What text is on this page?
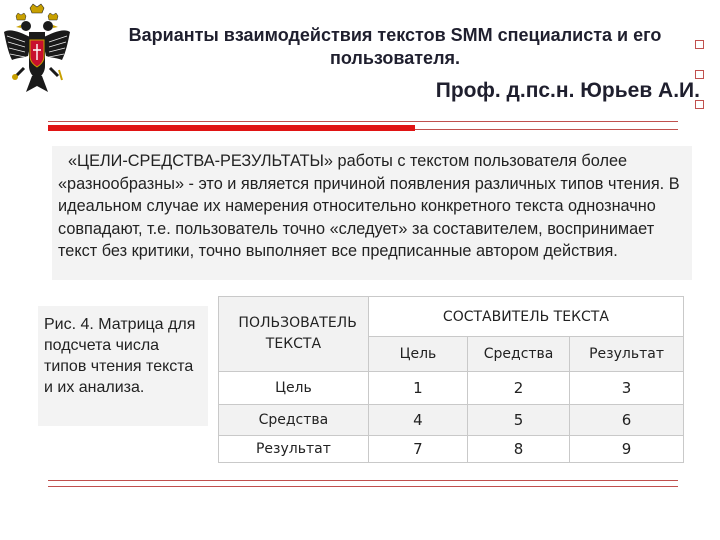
Варианты взаимодействия текстов SMM специалиста и его пользователя.
Проф. д.пс.н. Юрьев А.И.
«ЦЕЛИ-СРЕДСТВА-РЕЗУЛЬТАТЫ» работы с текстом пользователя более «разнообразны» - это и является причиной появления различных типов чтения. В идеальном случае их намерения относительно конкретного текста однозначно совпадают, т.е. пользователь точно «следует» за составителем, воспринимает текст без критики, точно выполняет все предписанные автором действия.
Рис. 4. Матрица для подсчета числа типов чтения текста и их анализа.
ПОЛЬЗОВАТЕЛЬ ТЕКСТА	СОСТАВИТЕЛЬ ТЕКСТА		
	Цель	Средства	Результат
Цель	1	2	3
Средства	4	5	6
Результат	7	8	9
